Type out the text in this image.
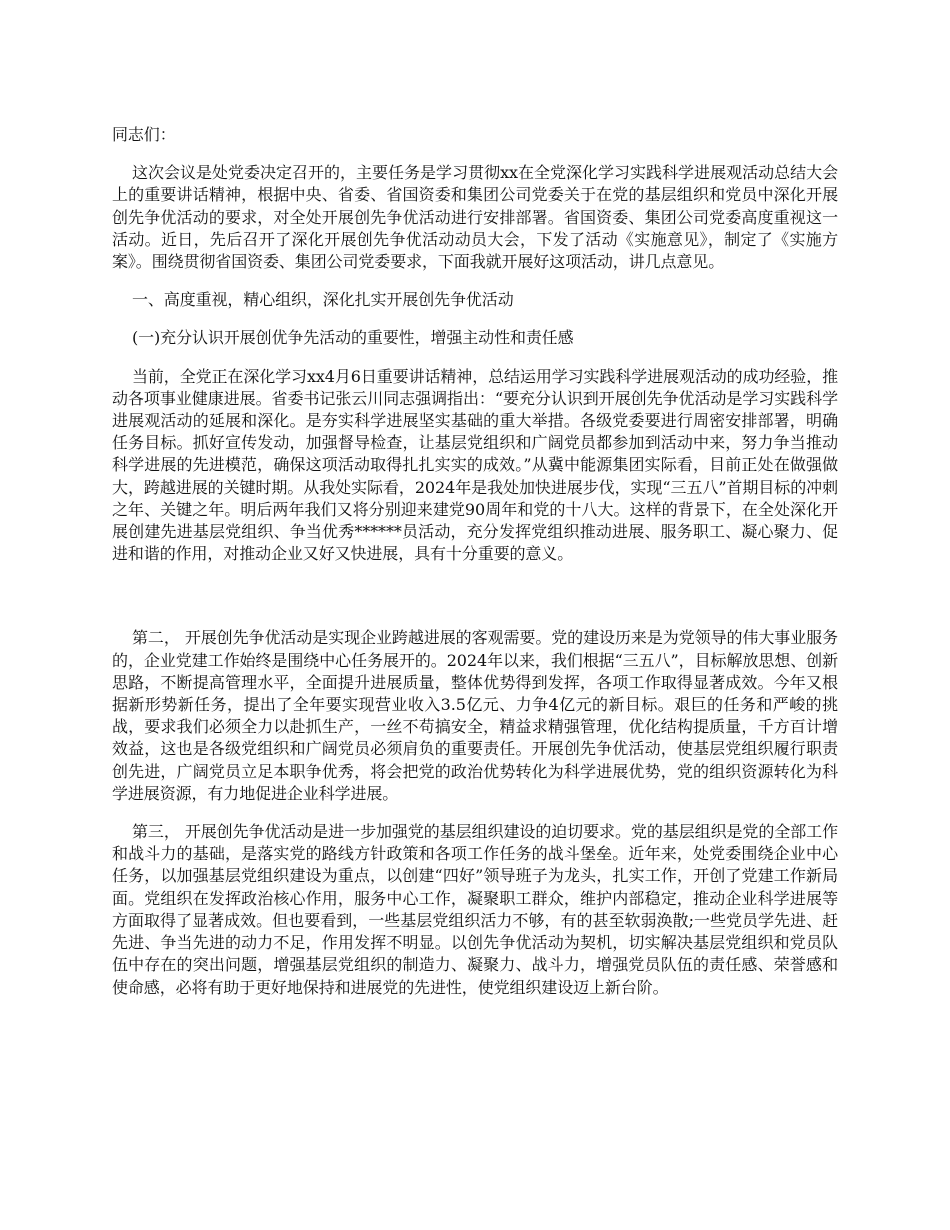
同志们：

这次会议是处党委决定召开的，主要任务是学习贯彻xx在全党深化学习实践科学进展观活动总结大会上的重要讲话精神，根据中央、省委、省国资委和集团公司党委关于在党的基层组织和党员中深化开展创先争优活动的要求，对全处开展创先争优活动进行安排部署。省国资委、集团公司党委高度重视这一活动。近日，先后召开了深化开展创先争优活动动员大会，下发了活动《实施意见》，制定了《实施方案》。围绕贯彻省国资委、集团公司党委要求，下面我就开展好这项活动，讲几点意见。

一、高度重视，精心组织，深化扎实开展创先争优活动

(一)充分认识开展创优争先活动的重要性，增强主动性和责任感

当前，全党正在深化学习xx4月6日重要讲话精神，总结运用学习实践科学进展观活动的成功经验，推动各项事业健康进展。省委书记张云川同志强调指出：“要充分认识到开展创先争优活动是学习实践科学进展观活动的延展和深化。是夯实科学进展坚实基础的重大举措。各级党委要进行周密安排部署，明确任务目标。抓好宣传发动，加强督导检查，让基层党组织和广阔党员都参加到活动中来，努力争当推动科学进展的先进模范，确保这项活动取得扎扎实实的成效。”从冀中能源集团实际看，目前正处在做强做大，跨越进展的关键时期。从我处实际看，2024年是我处加快进展步伐，实现“三五八”首期目标的冲刺之年、关键之年。明后两年我们又将分别迎来建党90周年和党的十八大。这样的背景下，在全处深化开展创建先进基层党组织、争当优秀******员活动，充分发挥党组织推动进展、服务职工、凝心聚力、促进和谐的作用，对推动企业又好又快进展，具有十分重要的意义。

第二， 开展创先争优活动是实现企业跨越进展的客观需要。党的建设历来是为党领导的伟大事业服务的，企业党建工作始终是围绕中心任务展开的。2024年以来，我们根据“三五八”，目标解放思想、创新思路，不断提高管理水平，全面提升进展质量，整体优势得到发挥，各项工作取得显著成效。今年又根据新形势新任务，提出了全年要实现营业收入3.5亿元、力争4亿元的新目标。艰巨的任务和严峻的挑战，要求我们必须全力以赴抓生产，一丝不苟搞安全，精益求精强管理，优化结构提质量，千方百计增效益，这也是各级党组织和广阔党员必须肩负的重要责任。开展创先争优活动，使基层党组织履行职责创先进，广阔党员立足本职争优秀，将会把党的政治优势转化为科学进展优势，党的组织资源转化为科学进展资源，有力地促进企业科学进展。

第三， 开展创先争优活动是进一步加强党的基层组织建设的迫切要求。党的基层组织是党的全部工作和战斗力的基础，是落实党的路线方针政策和各项工作任务的战斗堡垒。近年来，处党委围绕企业中心任务，以加强基层党组织建设为重点，以创建“四好”领导班子为龙头，扎实工作，开创了党建工作新局面。党组织在发挥政治核心作用，服务中心工作，凝聚职工群众，维护内部稳定，推动企业科学进展等方面取得了显著成效。但也要看到，一些基层党组织活力不够，有的甚至软弱涣散;一些党员学先进、赶先进、争当先进的动力不足，作用发挥不明显。以创先争优活动为契机，切实解决基层党组织和党员队伍中存在的突出问题，增强基层党组织的制造力、凝聚力、战斗力，增强党员队伍的责任感、荣誉感和使命感，必将有助于更好地保持和进展党的先进性，使党组织建设迈上新台阶。
